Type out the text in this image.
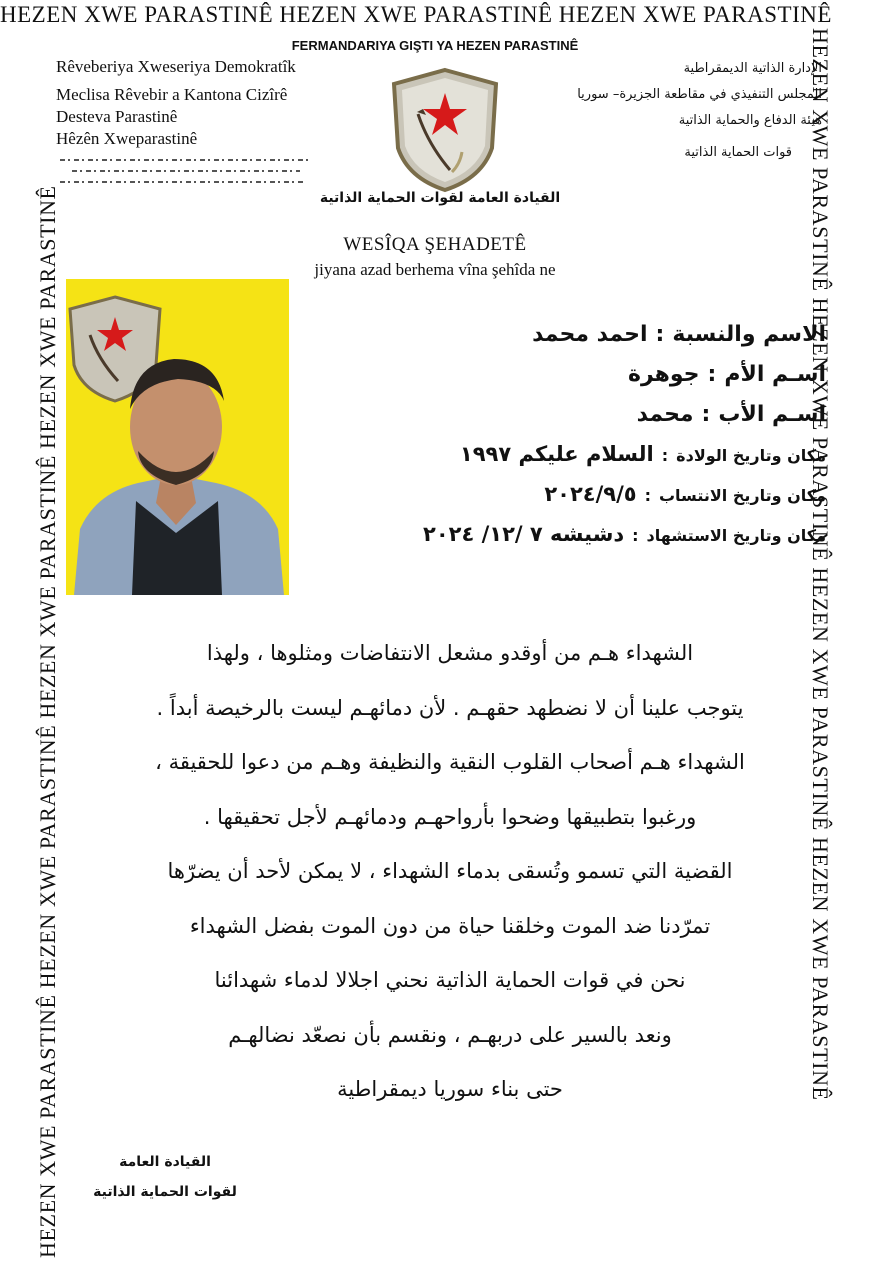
HEZEN XWE PARASTINÊ HEZEN XWE PARASTINÊ HEZEN XWE PARASTINÊ
HEZEN XWE PARASTINÊ HEZEN XWE PARASTINÊ HEZEN XWE PARASTINÊ HEZEN XWE PARASTINÊ	HEZEN XWE PARASTINÊ HEZEN XWE PARASTINÊ HEZEN XWE PARASTINÊ HEZEN XWE PARASTINÊ
FERMANDARIYA GIŞTI YA HEZEN PARASTINÊ
Rêveberiya Xweseriya Demokratîk
Meclisa Rêvebir a Kantona Cizîrê
Desteva Parastinê
Hêzên Xweparastinê
الإدارة الذاتية الديمقراطية
المجلس التنفيذي في مقاطعة الجزيرة– سوريا
هيئة الدفاع والحماية الذاتية
قوات الحماية الذاتية
القيادة العامة لقوات الحماية الذاتية
WESÎQA ŞEHADETÊ
jiyana azad berhema vîna şehîda ne
الاسم والنسبة
:
احمد محمد
اسـم الأم
:
جوهرة
اسـم الأب
:
محمد
مكان وتاريخ الولادة
:
السلام عليكم ١٩٩٧
مكان وتاريخ الانتساب
:
٢٠٢٤/٩/٥
مكان وتاريخ الاستشهاد
:
دشيشه ٧ /١٢/ ٢٠٢٤
الشهداء هـم من أوقدو مشعل الانتفاضات ومثلوها ، ولهذا
يتوجب علينا أن لا نضطهد حقهـم . لأن دمائهـم ليست بالرخيصة أبداً .
الشهداء هـم أصحاب القلوب النقية والنظيفة وهـم من دعوا للحقيقة ،
ورغبوا بتطبيقها وضحوا بأرواحهـم ودمائهـم لأجل تحقيقها .
القضية التي تسمو وتُسقى بدماء الشهداء ، لا يمكن لأحد أن يضرّها
تمرّدنا ضد الموت وخلقنا حياة من دون الموت بفضل الشهداء
نحن في قوات الحماية الذاتية نحني اجلالا لدماء شهدائنا
ونعد بالسير على دربهـم ، ونقسم بأن نصعّد نضالهـم
حتى بناء سوريا ديمقراطية
القيادة العامة
لقوات الحماية الذاتية
